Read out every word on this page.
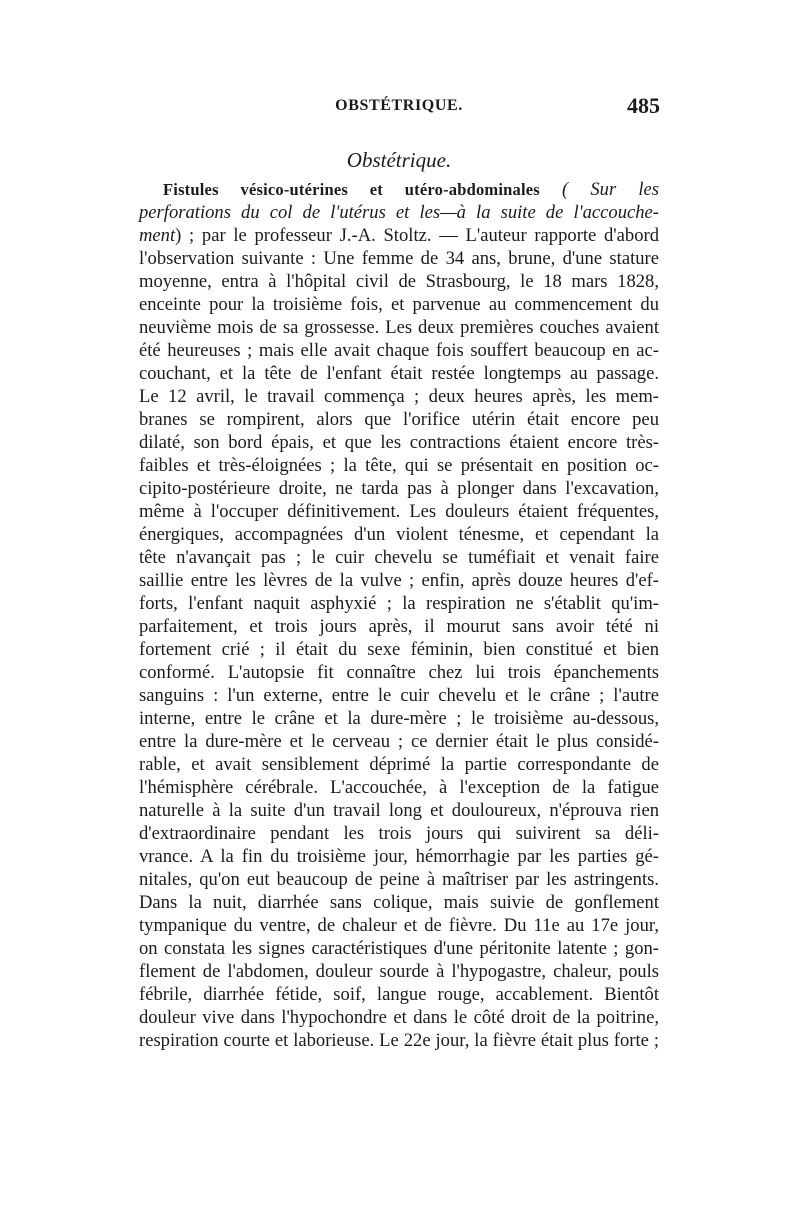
OBSTÉTRIQUE.	485
Obstétrique.
Fistules vésico-utérines et utéro-abdominales ( Sur les
perforations du col de l'utérus et les—à la suite de l'accouche-
ment) ; par le professeur J.-A. Stoltz. — L'auteur rapporte d'abord
l'observation suivante : Une femme de 34 ans, brune, d'une stature
moyenne, entra à l'hôpital civil de Strasbourg, le 18 mars 1828,
enceinte pour la troisième fois, et parvenue au commencement du
neuvième mois de sa grossesse. Les deux premières couches avaient
été heureuses ; mais elle avait chaque fois souffert beaucoup en ac-
couchant, et la tête de l'enfant était restée longtemps au passage.
Le 12 avril, le travail commença ; deux heures après, les mem-
branes se rompirent, alors que l'orifice utérin était encore peu
dilaté, son bord épais, et que les contractions étaient encore très-
faibles et très-éloignées ; la tête, qui se présentait en position oc-
cipito-postérieure droite, ne tarda pas à plonger dans l'excavation,
même à l'occuper définitivement. Les douleurs étaient fréquentes,
énergiques, accompagnées d'un violent ténesme, et cependant la
tête n'avançait pas ; le cuir chevelu se tuméfiait et venait faire
saillie entre les lèvres de la vulve ; enfin, après douze heures d'ef-
forts, l'enfant naquit asphyxié ; la respiration ne s'établit qu'im-
parfaitement, et trois jours après, il mourut sans avoir tété ni
fortement crié ; il était du sexe féminin, bien constitué et bien
conformé. L'autopsie fit connaître chez lui trois épanchements
sanguins : l'un externe, entre le cuir chevelu et le crâne ; l'autre
interne, entre le crâne et la dure-mère ; le troisième au-dessous,
entre la dure-mère et le cerveau ; ce dernier était le plus considé-
rable, et avait sensiblement déprimé la partie correspondante de
l'hémisphère cérébrale. L'accouchée, à l'exception de la fatigue
naturelle à la suite d'un travail long et douloureux, n'éprouva rien
d'extraordinaire pendant les trois jours qui suivirent sa déli-
vrance. A la fin du troisième jour, hémorrhagie par les parties gé-
nitales, qu'on eut beaucoup de peine à maîtriser par les astringents.
Dans la nuit, diarrhée sans colique, mais suivie de gonflement
tympanique du ventre, de chaleur et de fièvre. Du 11e au 17e jour,
on constata les signes caractéristiques d'une péritonite latente ; gon-
flement de l'abdomen, douleur sourde à l'hypogastre, chaleur, pouls
fébrile, diarrhée fétide, soif, langue rouge, accablement. Bientôt
douleur vive dans l'hypochondre et dans le côté droit de la poitrine,
respiration courte et laborieuse. Le 22e jour, la fièvre était plus forte ;
